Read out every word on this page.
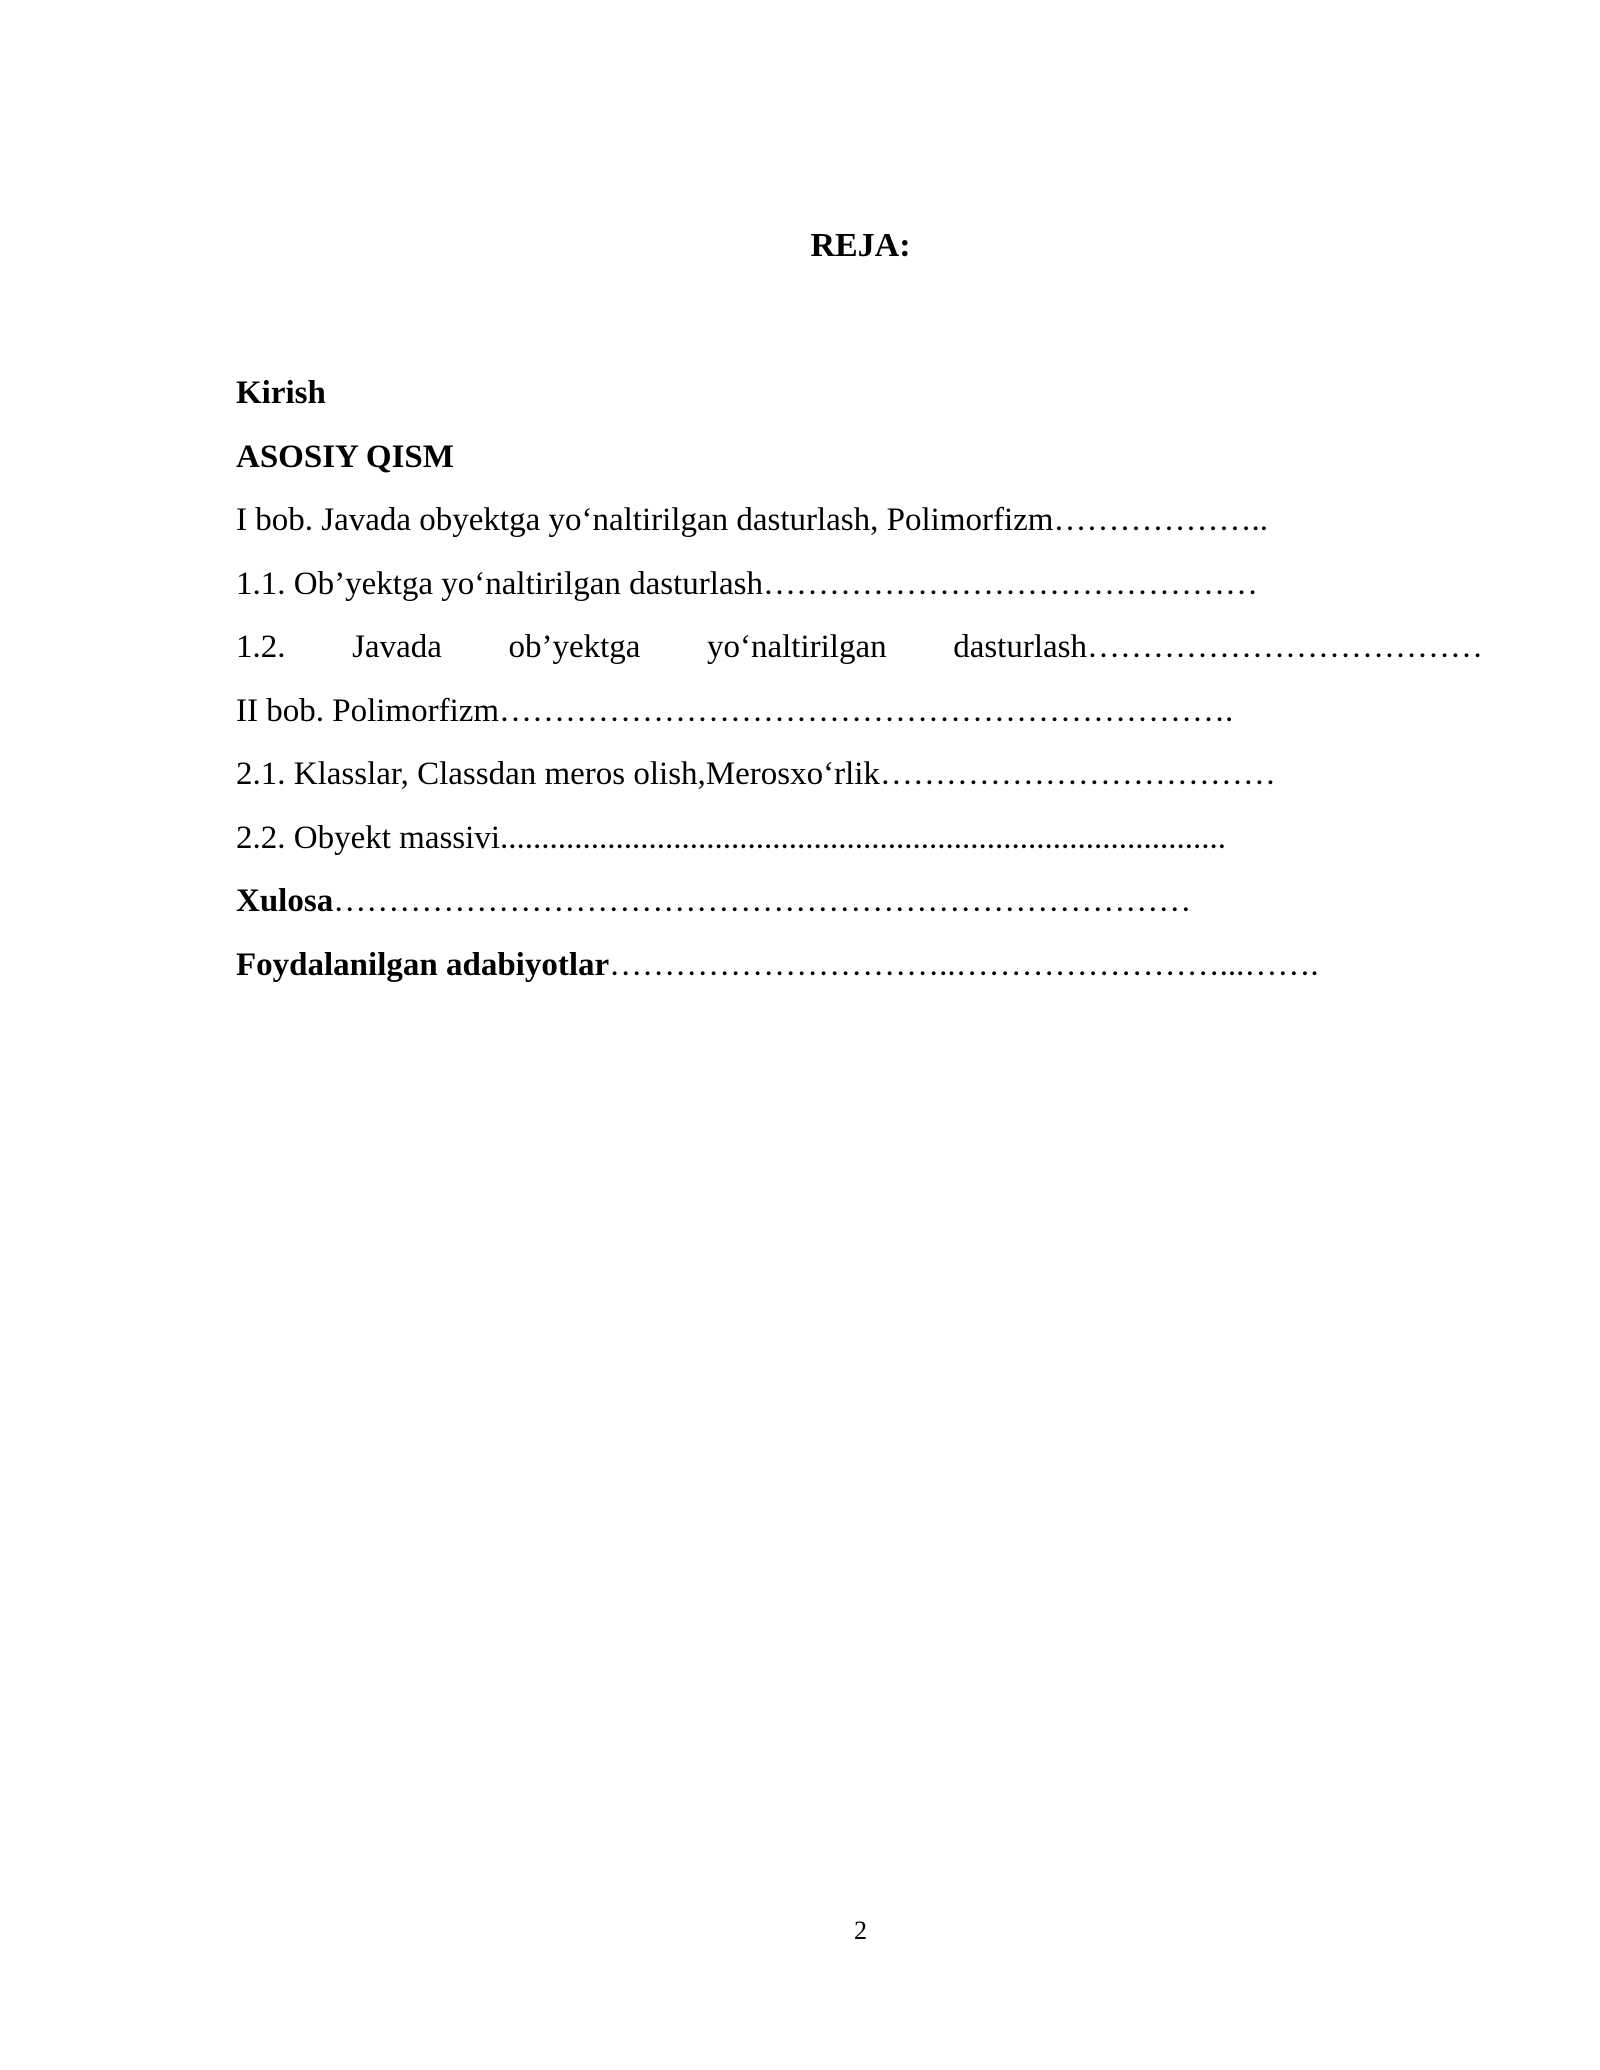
REJA:
Kirish
ASOSIY QISM
I bob. Javada obyektga yo‘naltirilgan dasturlash, Polimorfizm………………..
1.1. Ob’yektga yo‘naltirilgan dasturlash………………………………………
1.2. Javada ob’yektga yo‘naltirilgan dasturlash………………………………
II bob. Polimorfizm………………………………………………………….
2.1. Klasslar, Classdan meros olish,Merosxo‘rlik………………………………
2.2. Obyekt massivi........................................................................................
Xulosa……………………………………………………………………
Foydalanilgan adabiyotlar…………………………..……………………...…….
2
